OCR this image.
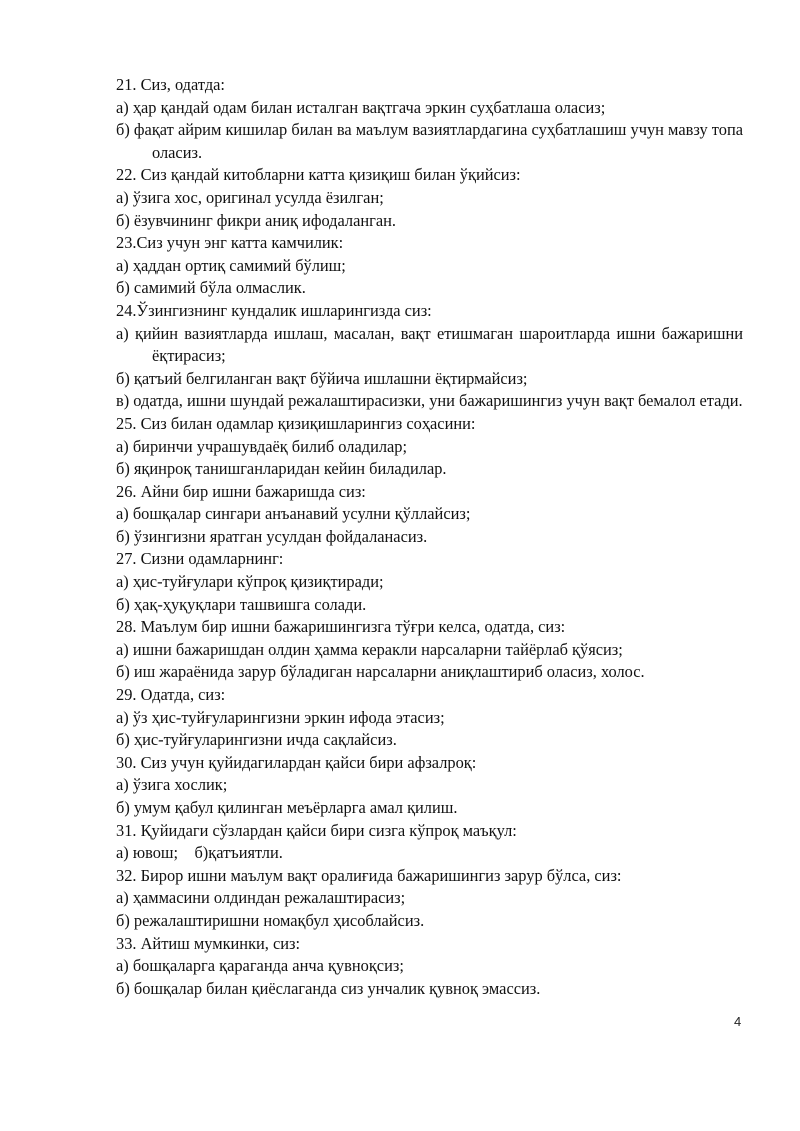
21. Сиз, одатда:
а) ҳар қандай одам билан исталган вақтгача эркин суҳбатлаша оласиз;
б) фақат айрим кишилар билан ва маълум вазиятлардагина суҳбатлашиш учун мавзу топа оласиз.
22. Сиз қандай китобларни катта қизиқиш билан ўқийсиз:
а) ўзига хос, оригинал усулда ёзилган;
б) ёзувчининг фикри аниқ ифодаланган.
23.Сиз учун энг катта камчилик:
а) ҳаддан ортиқ самимий бўлиш;
б) самимий бўла олмаслик.
24.Ўзингизнинг кундалик ишларингизда сиз:
а) қийин вазиятларда ишлаш, масалан, вақт етишмаган шароитларда ишни бажаришни ёқтирасиз;
б) қатъий белгиланган вақт бўйича ишлашни ёқтирмайсиз;
в) одатда, ишни шундай режалаштирасизки, уни бажаришингиз учун вақт бемалол етади.
25. Сиз билан одамлар қизиқишларингиз соҳасини:
а) биринчи учрашувдаёқ билиб оладилар;
б) яқинроқ танишганларидан кейин биладилар.
26. Айни бир ишни бажаришда сиз:
а) бошқалар сингари анъанавий усулни қўллайсиз;
б) ўзингизни яратган усулдан фойдаланасиз.
27. Сизни одамларнинг:
а) ҳис-туйғулари кўпроқ қизиқтиради;
б) ҳақ-ҳуқуқлари ташвишга солади.
28. Маълум бир ишни бажаришингизга тўғри келса, одатда, сиз:
а) ишни бажаришдан олдин ҳамма керакли нарсаларни тайёрлаб қўясиз;
б) иш жараёнида зарур бўладиган нарсаларни аниқлаштириб оласиз, холос.
29. Одатда, сиз:
а) ўз ҳис-туйғуларингизни эркин ифода этасиз;
б) ҳис-туйғуларингизни ичда сақлайсиз.
30. Сиз учун қуйидагилардан қайси бири афзалроқ:
а) ўзига хослик;
б) умум қабул қилинган меъёрларга амал қилиш.
31. Қуйидаги сўзлардан қайси бири сизга кўпроқ маъқул:
а) ювош;    б)қатъиятли.
32. Бирор ишни маълум вақт оралиғида бажаришингиз зарур бўлса, сиз:
а) ҳаммасини олдиндан режалаштирасиз;
б) режалаштиришни номақбул ҳисоблайсиз.
33. Айтиш мумкинки, сиз:
а) бошқаларга қараганда анча қувноқсиз;
б) бошқалар билан қиёслаганда сиз унчалик қувноқ эмассиз.
4
